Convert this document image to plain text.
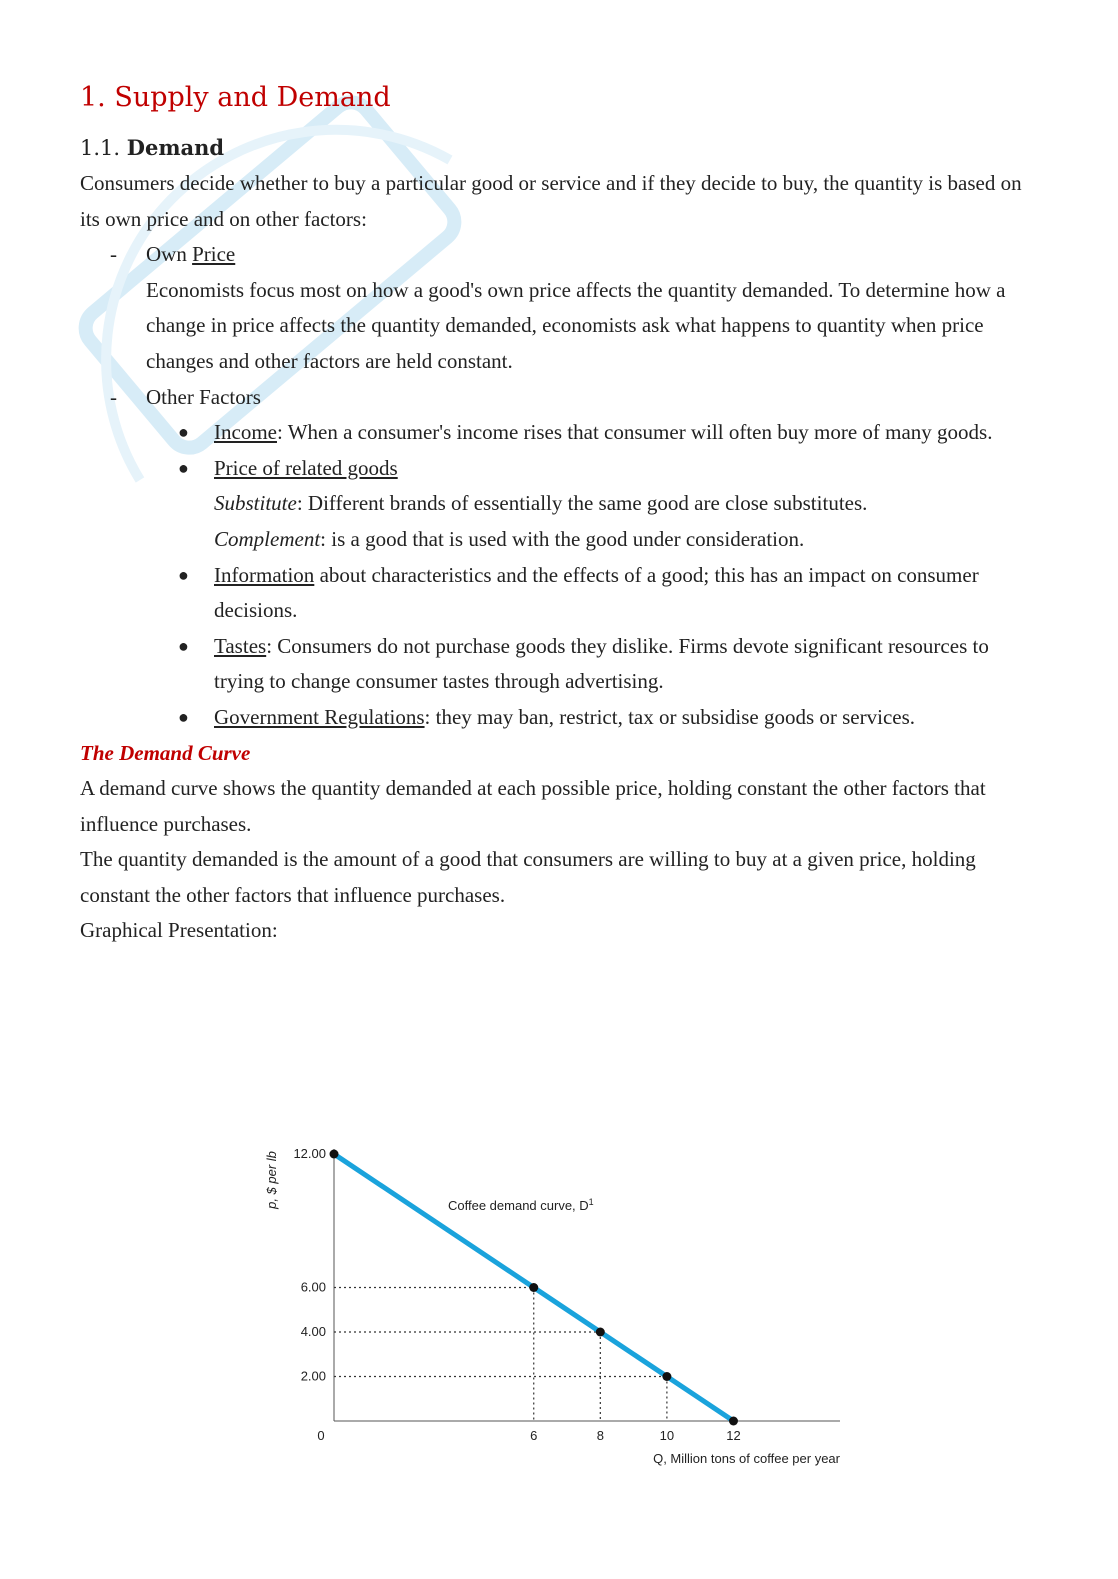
1. Supply and Demand
1.1. Demand

Consumers decide whether to buy a particular good or service and if they decide to buy, the quantity is based on its own price and on other factors:

- Own Price

Economists focus most on how a good's own price affects the quantity demanded. To determine how a change in price affects the quantity demanded, economists ask what happens to quantity when price changes and other factors are held constant.

- Other Factors
● Income: When a consumer's income rises that consumer will often buy more of many goods.
● Price of related goods
Substitute: Different brands of essentially the same good are close substitutes.
Complement: is a good that is used with the good under consideration.
● Information about characteristics and the effects of a good; this has an impact on consumer decisions.
● Tastes: Consumers do not purchase goods they dislike. Firms devote significant resources to trying to change consumer tastes through advertising.
● Government Regulations: they may ban, restrict, tax or subsidise goods or services.
The Demand Curve

A demand curve shows the quantity demanded at each possible price, holding constant the other factors that influence purchases.

The quantity demanded is the amount of a good that consumers are willing to buy at a given price, holding constant the other factors that influence purchases.

Graphical Presentation:

p, $ per lb
Q, Million tons of coffee per year
Coffee demand curve, $D^1$
0
12.00
6.00
4.00
2.00
6	8	10	12
